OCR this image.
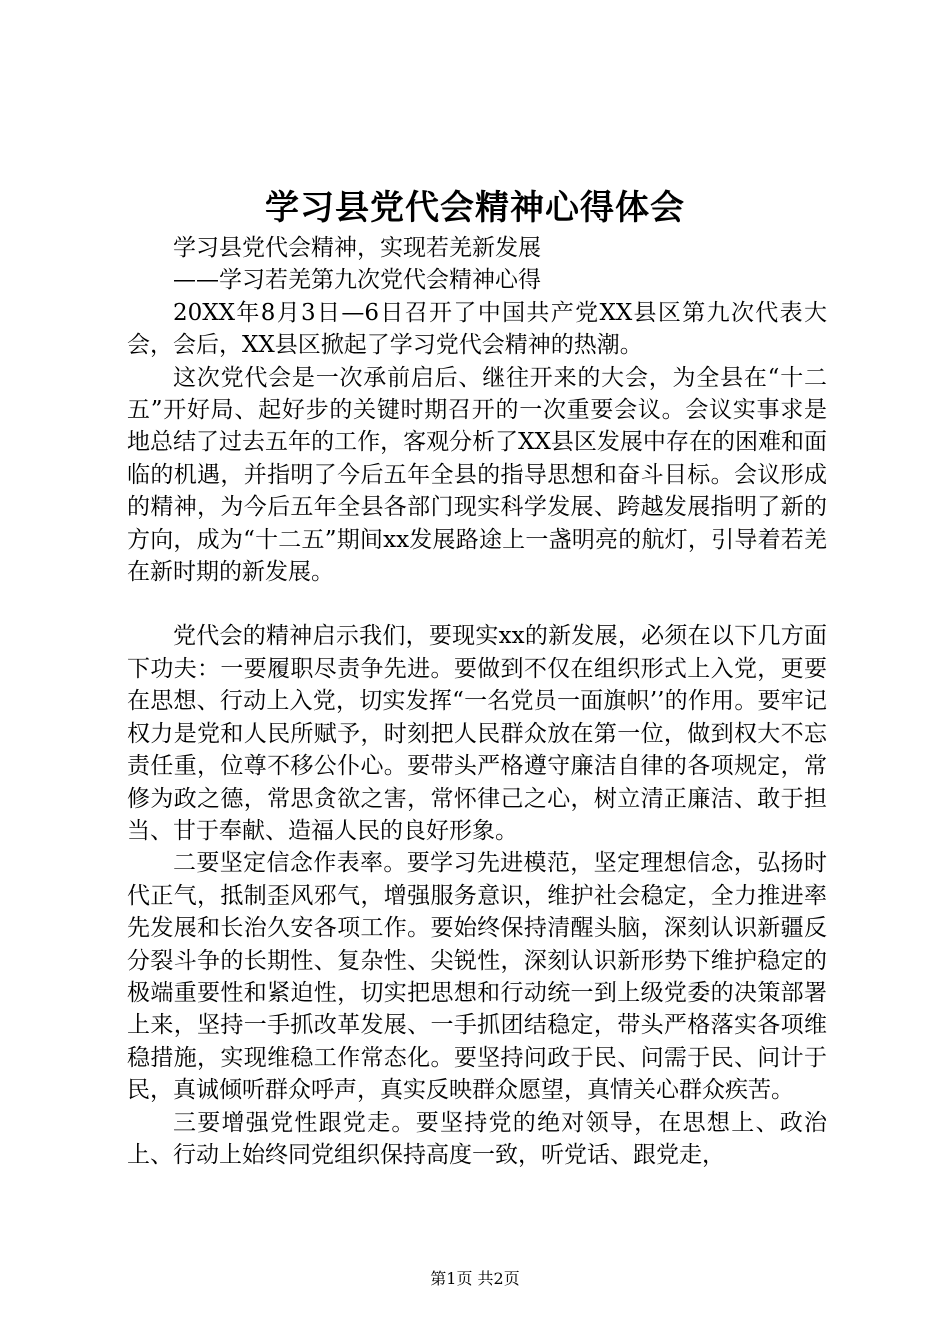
学习县党代会精神心得体会

学习县党代会精神，实现若羌新发展

——学习若羌第九次党代会精神心得

20XX年8月3日—6日召开了中国共产党XX县区第九次代表大会，会后，XX县区掀起了学习党代会精神的热潮。

这次党代会是一次承前启后、继往开来的大会，为全县在“十二五”开好局、起好步的关键时期召开的一次重要会议。会议实事求是地总结了过去五年的工作，客观分析了XX县区发展中存在的困难和面临的机遇，并指明了今后五年全县的指导思想和奋斗目标。会议形成的精神，为今后五年全县各部门现实科学发展、跨越发展指明了新的方向，成为“十二五”期间xx发展路途上一盏明亮的航灯，引导着若羌在新时期的新发展。

党代会的精神启示我们，要现实xx的新发展，必须在以下几方面下功夫：一要履职尽责争先进。要做到不仅在组织形式上入党，更要在思想、行动上入党，切实发挥“一名党员一面旗帜’’的作用。要牢记权力是党和人民所赋予，时刻把人民群众放在第一位，做到权大不忘责任重，位尊不移公仆心。要带头严格遵守廉洁自律的各项规定，常修为政之德，常思贪欲之害，常怀律己之心，树立清正廉洁、敢于担当、甘于奉献、造福人民的良好形象。

二要坚定信念作表率。要学习先进模范，坚定理想信念，弘扬时代正气，抵制歪风邪气，增强服务意识，维护社会稳定，全力推进率先发展和长治久安各项工作。要始终保持清醒头脑，深刻认识新疆反分裂斗争的长期性、复杂性、尖锐性，深刻认识新形势下维护稳定的极端重要性和紧迫性，切实把思想和行动统一到上级党委的决策部署上来，坚持一手抓改革发展、一手抓团结稳定，带头严格落实各项维稳措施，实现维稳工作常态化。要坚持问政于民、问需于民、问计于民，真诚倾听群众呼声，真实反映群众愿望，真情关心群众疾苦。

三要增强党性跟党走。要坚持党的绝对领导，在思想上、政治上、行动上始终同党组织保持高度一致，听党话、跟党走，

第1页 共2页
